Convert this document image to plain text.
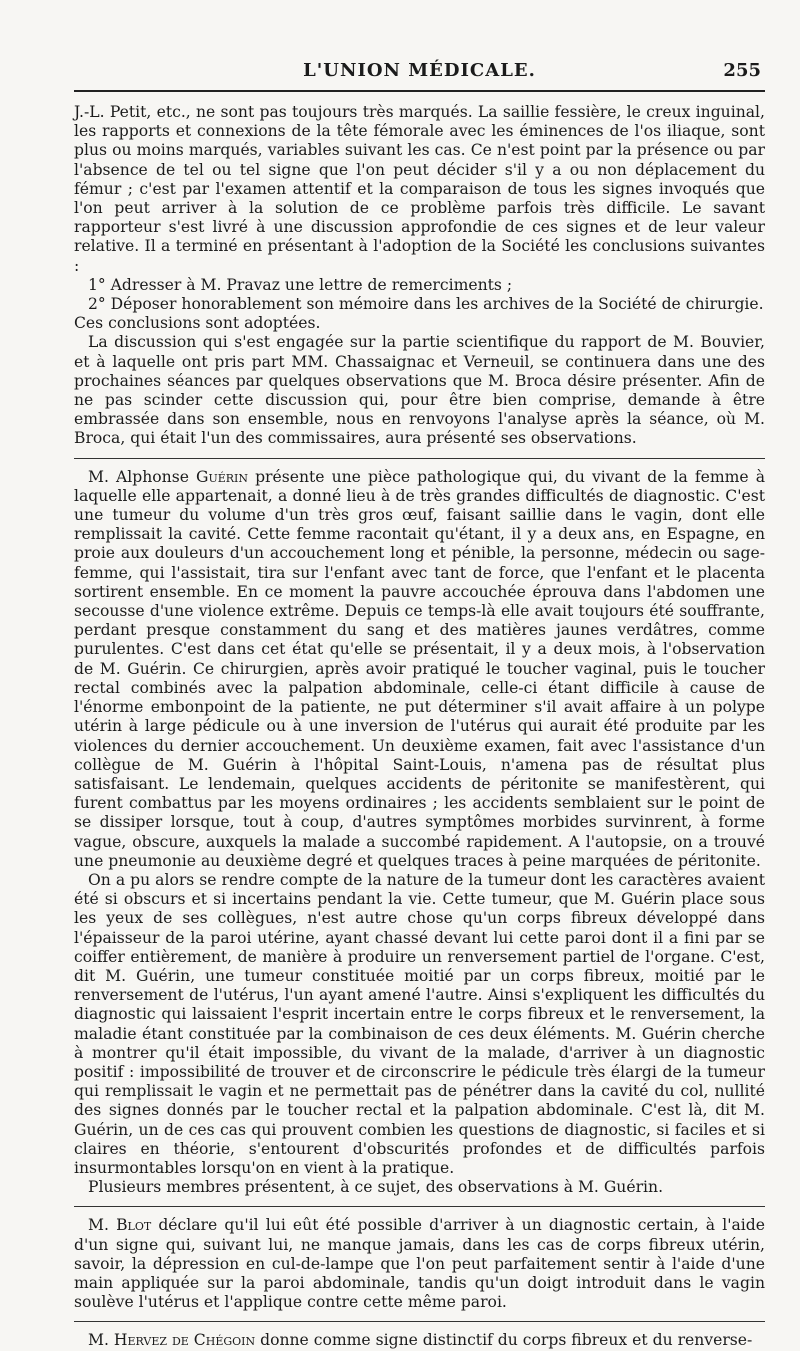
L'UNION MÉDICALE.	255

J.-L. Petit, etc., ne sont pas toujours très marqués. La saillie fessière, le creux inguinal, les rapports et connexions de la tête fémorale avec les éminences de l'os iliaque, sont plus ou moins marqués, variables suivant les cas. Ce n'est point par la présence ou par l'absence de tel ou tel signe que l'on peut décider s'il y a ou non déplacement du fémur ; c'est par l'examen attentif et la comparaison de tous les signes invoqués que l'on peut arriver à la solution de ce problème parfois très difficile. Le savant rapporteur s'est livré à une discussion approfondie de ces signes et de leur valeur relative. Il a terminé en présentant à l'adoption de la Société les conclusions suivantes :

1° Adresser à M. Pravaz une lettre de remerciments ;

2° Déposer honorablement son mémoire dans les archives de la Société de chirurgie.

Ces conclusions sont adoptées.

La discussion qui s'est engagée sur la partie scientifique du rapport de M. Bouvier, et à laquelle ont pris part MM. Chassaignac et Verneuil, se continuera dans une des prochaines séances par quelques observations que M. Broca désire présenter. Afin de ne pas scinder cette discussion qui, pour être bien comprise, demande à être embrassée dans son ensemble, nous en renvoyons l'analyse après la séance, où M. Broca, qui était l'un des commissaires, aura présenté ses observations.

M. Alphonse Guérin présente une pièce pathologique qui, du vivant de la femme à laquelle elle appartenait, a donné lieu à de très grandes difficultés de diagnostic. C'est une tumeur du volume d'un très gros œuf, faisant saillie dans le vagin, dont elle remplissait la cavité. Cette femme racontait qu'étant, il y a deux ans, en Espagne, en proie aux douleurs d'un accouchement long et pénible, la personne, médecin ou sage-femme, qui l'assistait, tira sur l'enfant avec tant de force, que l'enfant et le placenta sortirent ensemble. En ce moment la pauvre accouchée éprouva dans l'abdomen une secousse d'une violence extrême. Depuis ce temps-là elle avait toujours été souffrante, perdant presque constamment du sang et des matières jaunes verdâtres, comme purulentes. C'est dans cet état qu'elle se présentait, il y a deux mois, à l'observation de M. Guérin. Ce chirurgien, après avoir pratiqué le toucher vaginal, puis le toucher rectal combinés avec la palpation abdominale, celle-ci étant difficile à cause de l'énorme embonpoint de la patiente, ne put déterminer s'il avait affaire à un polype utérin à large pédicule ou à une inversion de l'utérus qui aurait été produite par les violences du dernier accouchement. Un deuxième examen, fait avec l'assistance d'un collègue de M. Guérin à l'hôpital Saint-Louis, n'amena pas de résultat plus satisfaisant. Le lendemain, quelques accidents de péritonite se manifestèrent, qui furent combattus par les moyens ordinaires ; les accidents semblaient sur le point de se dissiper lorsque, tout à coup, d'autres symptômes morbides survinrent, à forme vague, obscure, auxquels la malade a succombé rapidement. A l'autopsie, on a trouvé une pneumonie au deuxième degré et quelques traces à peine marquées de péritonite.

On a pu alors se rendre compte de la nature de la tumeur dont les caractères avaient été si obscurs et si incertains pendant la vie. Cette tumeur, que M. Guérin place sous les yeux de ses collègues, n'est autre chose qu'un corps fibreux développé dans l'épaisseur de la paroi utérine, ayant chassé devant lui cette paroi dont il a fini par se coiffer entièrement, de manière à produire un renversement partiel de l'organe. C'est, dit M. Guérin, une tumeur constituée moitié par un corps fibreux, moitié par le renversement de l'utérus, l'un ayant amené l'autre. Ainsi s'expliquent les difficultés du diagnostic qui laissaient l'esprit incertain entre le corps fibreux et le renversement, la maladie étant constituée par la combinaison de ces deux éléments. M. Guérin cherche à montrer qu'il était impossible, du vivant de la malade, d'arriver à un diagnostic positif : impossibilité de trouver et de circonscrire le pédicule très élargi de la tumeur qui remplissait le vagin et ne permettait pas de pénétrer dans la cavité du col, nullité des signes donnés par le toucher rectal et la palpation abdominale. C'est là, dit M. Guérin, un de ces cas qui prouvent combien les questions de diagnostic, si faciles et si claires en théorie, s'entourent d'obscurités profondes et de difficultés parfois insurmontables lorsqu'on en vient à la pratique.

Plusieurs membres présentent, à ce sujet, des observations à M. Guérin.

M. Blot déclare qu'il lui eût été possible d'arriver à un diagnostic certain, à l'aide d'un signe qui, suivant lui, ne manque jamais, dans les cas de corps fibreux utérin, savoir, la dépression en cul-de-lampe que l'on peut parfaitement sentir à l'aide d'une main appliquée sur la paroi abdominale, tandis qu'un doigt introduit dans le vagin soulève l'utérus et l'applique contre cette même paroi.

M. Hervez de Chégoin donne comme signe distinctif du corps fibreux et du renverse-
